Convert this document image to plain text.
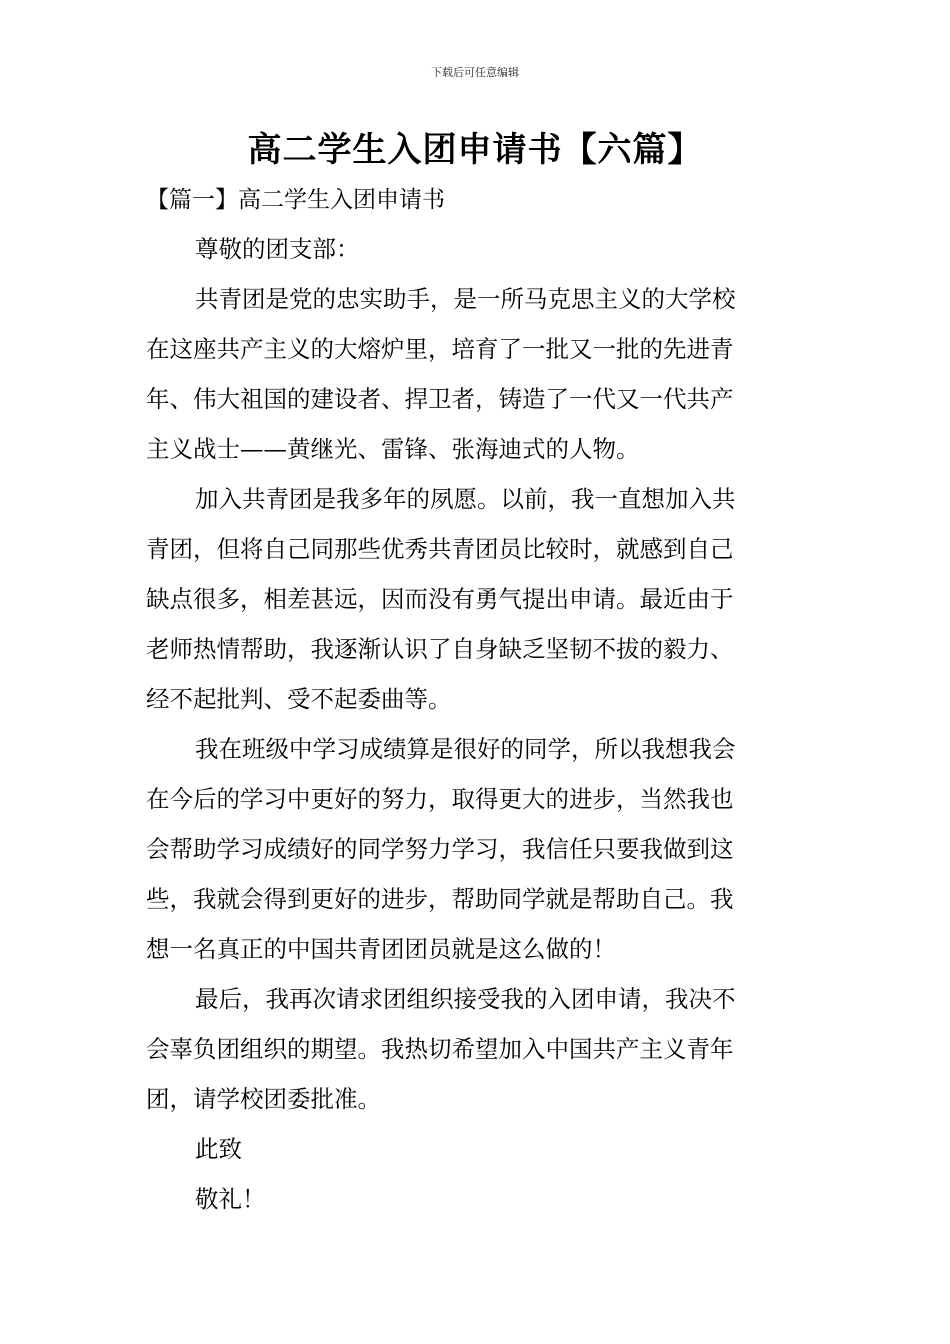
下载后可任意编辑
高二学生入团申请书【六篇】
【篇一】高二学生入团申请书

尊敬的团支部：

共青团是党的忠实助手，是一所马克思主义的大学校

在这座共产主义的大熔炉里，培育了一批又一批的先进青

年、伟大祖国的建设者、捍卫者，铸造了一代又一代共产

主义战士——黄继光、雷锋、张海迪式的人物。

加入共青团是我多年的夙愿。以前，我一直想加入共

青团，但将自己同那些优秀共青团员比较时，就感到自己

缺点很多，相差甚远，因而没有勇气提出申请。最近由于

老师热情帮助，我逐渐认识了自身缺乏坚韧不拔的毅力、

经不起批判、受不起委曲等。

我在班级中学习成绩算是很好的同学，所以我想我会

在今后的学习中更好的努力，取得更大的进步，当然我也

会帮助学习成绩好的同学努力学习，我信任只要我做到这

些，我就会得到更好的进步，帮助同学就是帮助自己。我

想一名真正的中国共青团团员就是这么做的！

最后，我再次请求团组织接受我的入团申请，我决不

会辜负团组织的期望。我热切希望加入中国共产主义青年

团，请学校团委批准。

此致

敬礼！
